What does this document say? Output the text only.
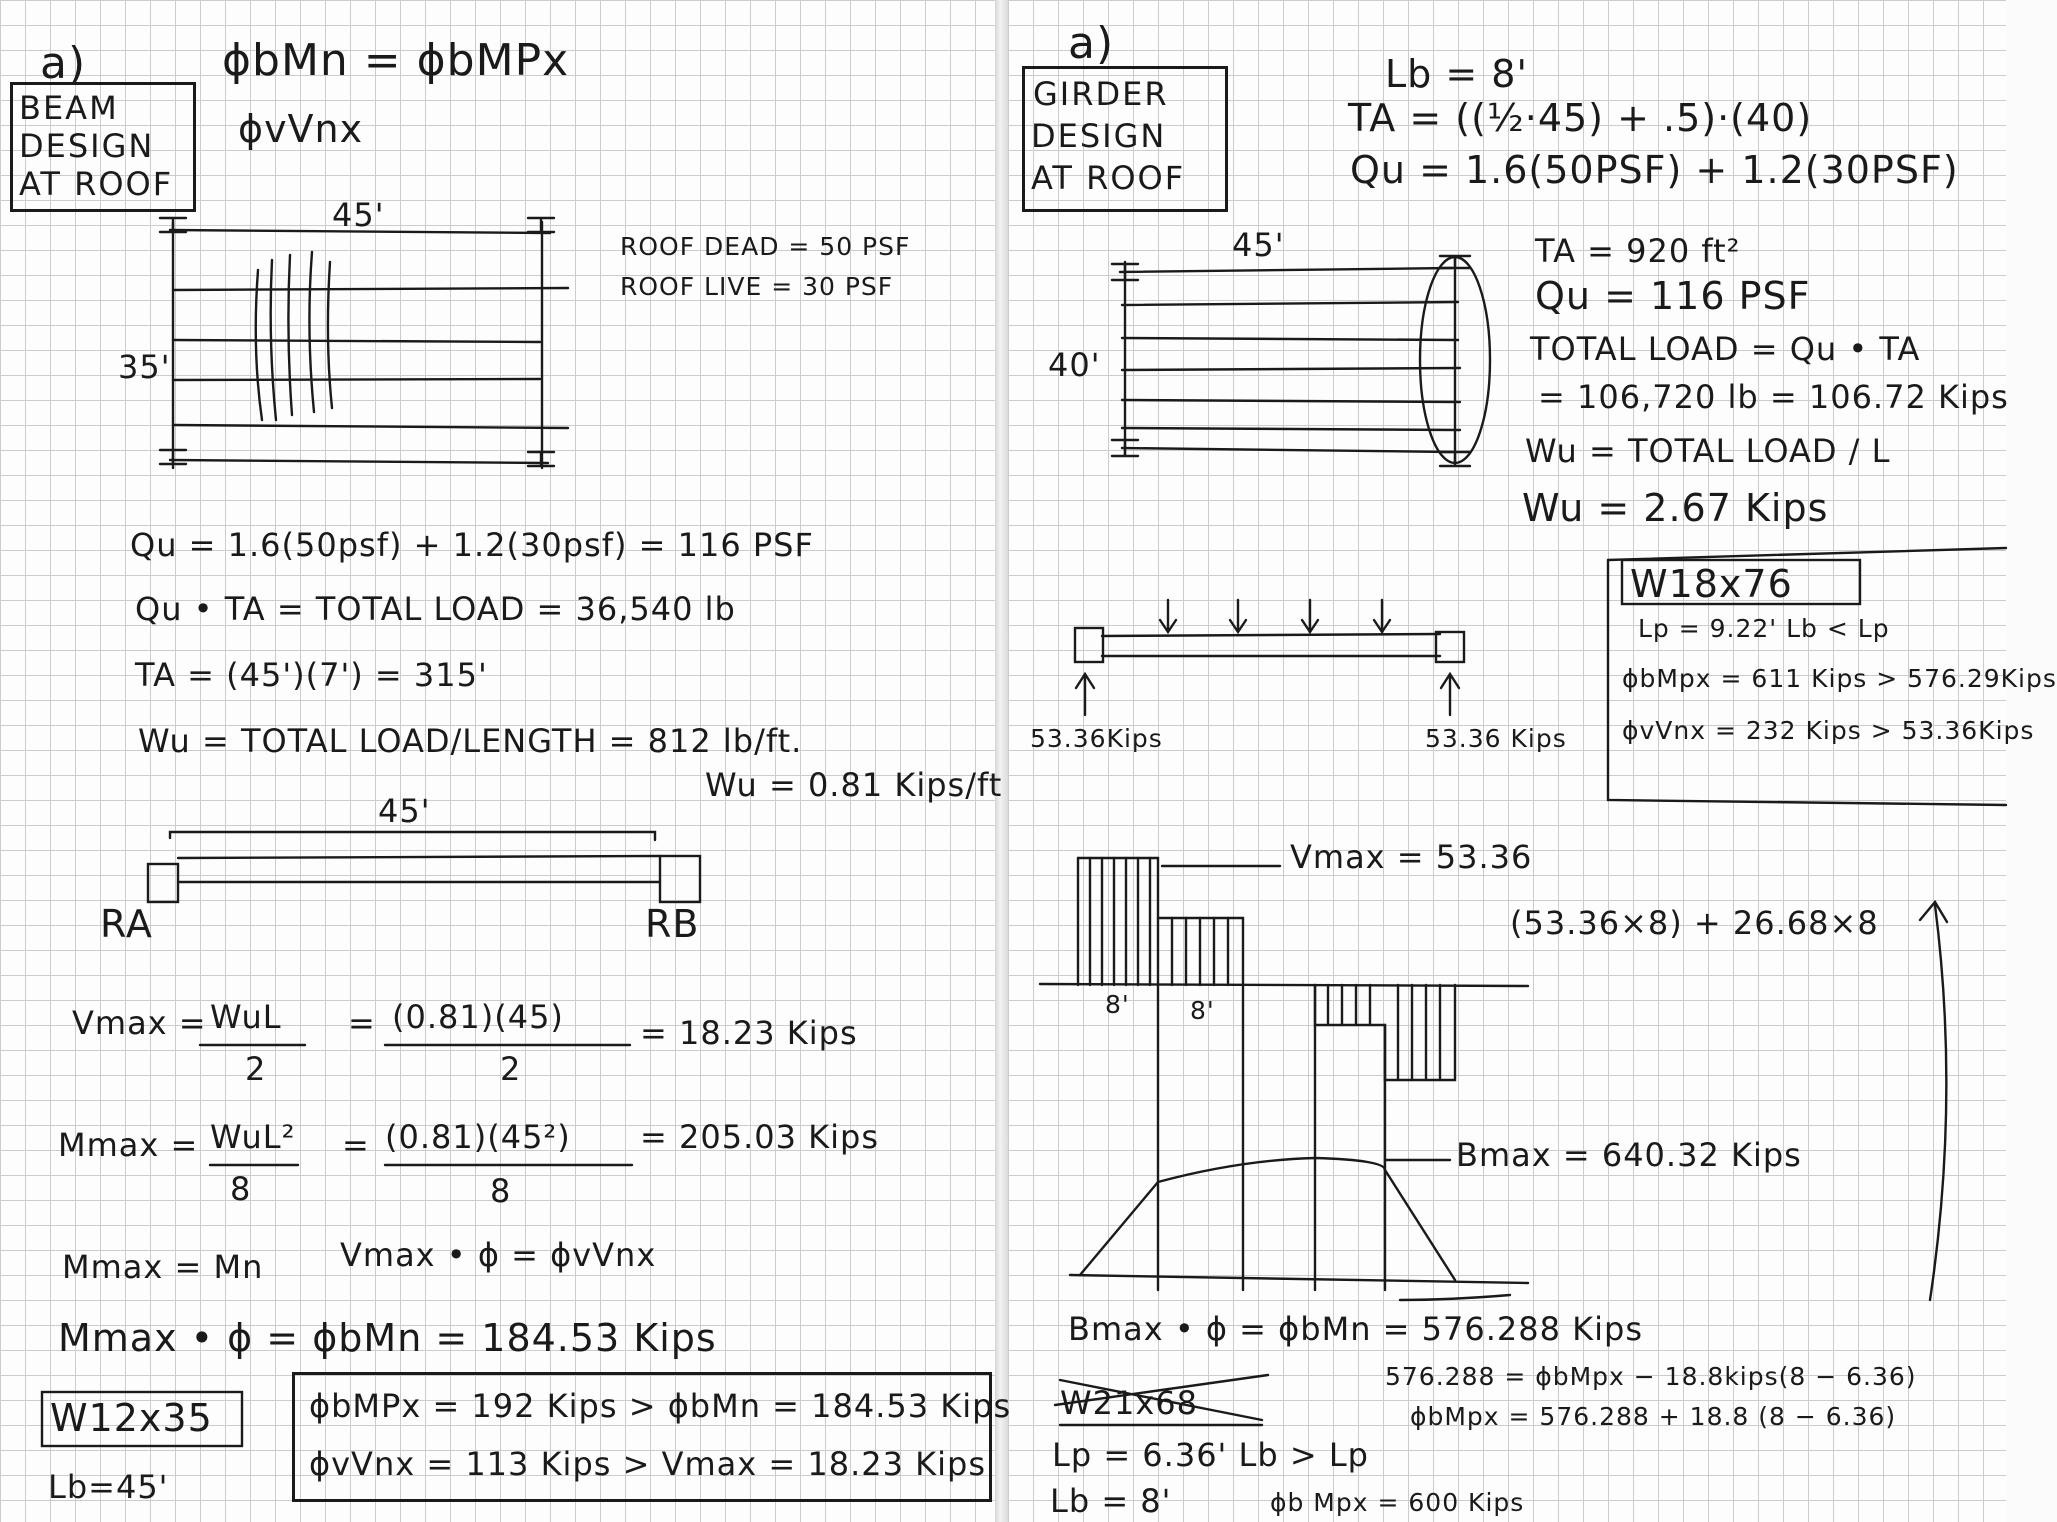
a)
BEAM
DESIGN
AT ROOF
ϕbMn = ϕbMPx
ϕvVnx
45'
35'
ROOF DEAD = 50 PSF
ROOF LIVE = 30 PSF
Qu = 1.6(50psf) + 1.2(30psf) = 116 PSF
Qu • TA = TOTAL LOAD = 36,540 lb
TA = (45')(7') = 315'
Wu = TOTAL LOAD/LENGTH = 812 lb/ft.
Wu = 0.81 Kips/ft
45'
RA	RB
Vmax = WuL
2
= (0.81)(45)
2
= 18.23 Kips
Mmax = WuL²
8
= (0.81)(45²)
8
= 205.03 Kips
Mmax = Mn Vmax • ϕ = ϕvVnx
Mmax • ϕ = ϕbMn = 184.53 Kips
W12x35
Lb=45'
ϕbMPx = 192 Kips > ϕbMn = 184.53 Kips
ϕvVnx = 113 Kips > Vmax = 18.23 Kips
a)
GIRDER
DESIGN
AT ROOF
Lb = 8'
TA = ((½·45) + .5)·(40)
Qu = 1.6(50PSF) + 1.2(30PSF)
45'
40'
TA = 920 ft²
Qu = 116 PSF
TOTAL LOAD = Qu • TA
= 106,720 lb = 106.72 Kips
Wu = TOTAL LOAD / L
Wu = 2.67 Kips
W18x76
Lp = 9.22' Lb < Lp
ϕbMpx = 611 Kips > 576.29Kips
ϕvVnx = 232 Kips > 53.36Kips
53.36Kips	53.36 Kips
Vmax = 53.36
8' 8'
(53.36×8) + 26.68×8
Bmax = 640.32 Kips
Bmax • ϕ = ϕbMn = 576.288 Kips
576.288 = ϕbMpx − 18.8kips(8 − 6.36)
ϕbMpx = 576.288 + 18.8 (8 − 6.36)
W21x68
Lp = 6.36' Lb > Lp
Lb = 8'	ϕb Mpx = 600 Kips
